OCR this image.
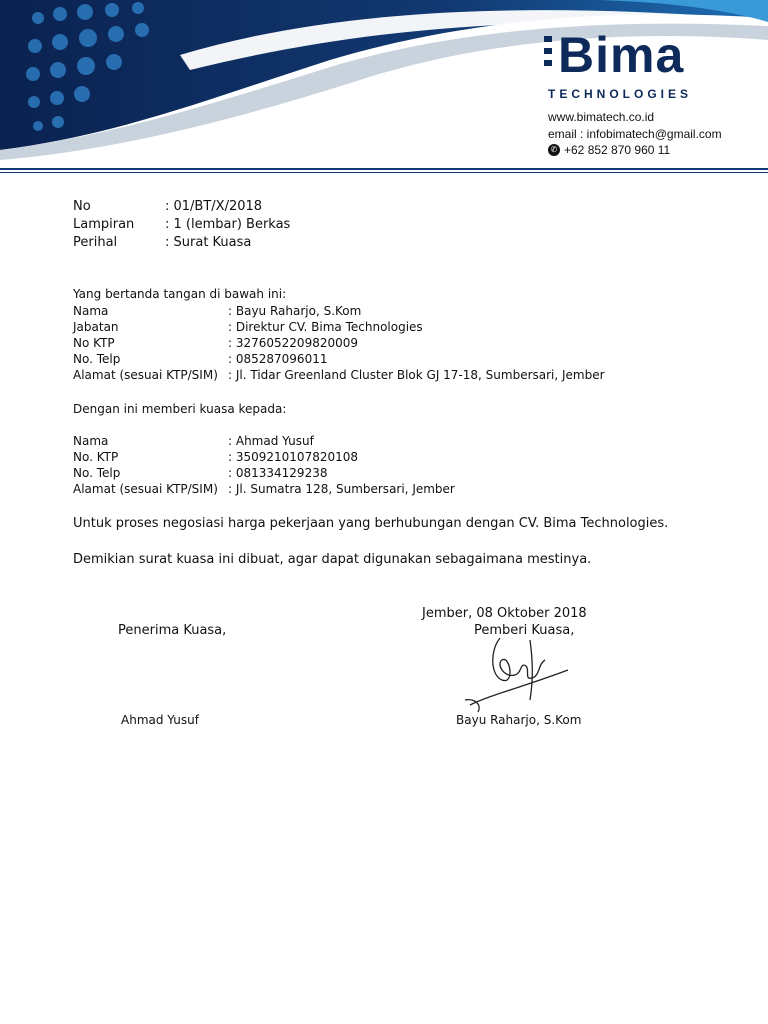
Bima
TECHNOLOGIES
www.bimatech.co.id
email : infobimatech@gmail.com
✆ +62 852 870 960 11
No	: 01/BT/X/2018
Lampiran : 1 (lembar) Berkas
Perihal	: Surat Kuasa
Yang bertanda tangan di bawah ini:
Nama	: Bayu Raharjo, S.Kom
Jabatan	: Direktur CV. Bima Technologies
No KTP	: 3276052209820009
No. Telp	: 085287096011
Alamat (sesuai KTP/SIM) : Jl. Tidar Greenland Cluster Blok GJ 17-18, Sumbersari, Jember
Dengan ini memberi kuasa kepada:
Nama	: Ahmad Yusuf
No. KTP	: 3509210107820108
No. Telp	: 081334129238
Alamat (sesuai KTP/SIM) : Jl. Sumatra 128, Sumbersari, Jember
Untuk proses negosiasi harga pekerjaan yang berhubungan dengan CV. Bima Technologies.
Demikian surat kuasa ini dibuat, agar dapat digunakan sebagaimana mestinya.
Jember, 08 Oktober 2018
Penerima Kuasa,	Pemberi Kuasa,
Ahmad Yusuf	Bayu Raharjo, S.Kom
